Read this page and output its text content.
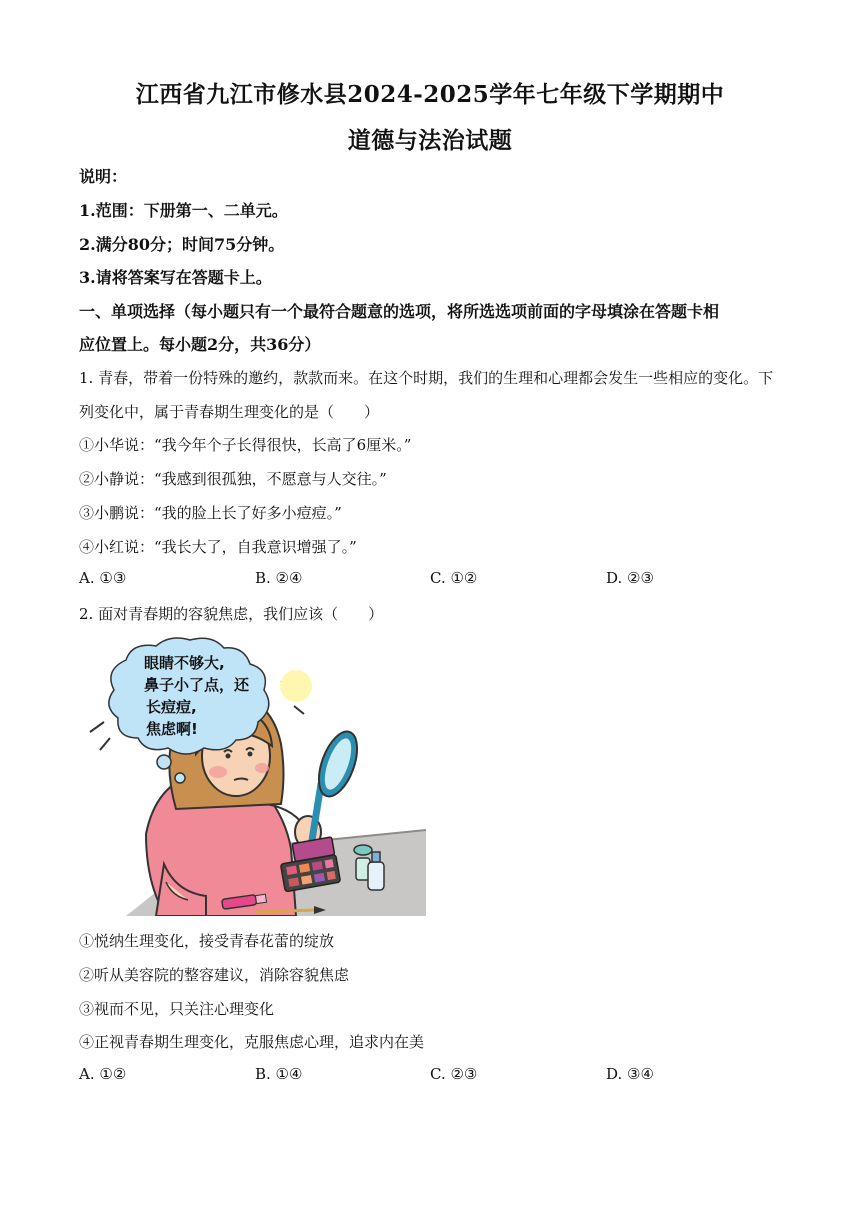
江西省九江市修水县2024-2025学年七年级下学期期中
道德与法治试题
说明：
1.范围：下册第一、二单元。
2.满分80分；时间75分钟。
3.请将答案写在答题卡上。
一、单项选择（每小题只有一个最符合题意的选项，将所选选项前面的字母填涂在答题卡相
应位置上。每小题2分，共36分）
1. 青春，带着一份特殊的邀约，款款而来。在这个时期，我们的生理和心理都会发生一些相应的变化。下
列变化中，属于青春期生理变化的是（　　）
①小华说：“我今年个子长得很快，长高了6厘米。”
②小静说：“我感到很孤独，不愿意与人交往。”
③小鹏说：“我的脸上长了好多小痘痘。”
④小红说：“我长大了，自我意识增强了。”
A. ①③	B. ②④	C. ①②	D. ②③
2. 面对青春期的容貌焦虑，我们应该（　　）
眼睛不够大,
鼻子小了点，还
长痘痘,
焦虑啊!
①悦纳生理变化，接受青春花蕾的绽放
②听从美容院的整容建议，消除容貌焦虑
③视而不见，只关注心理变化
④正视青春期生理变化，克服焦虑心理，追求内在美
A. ①②	B. ①④	C. ②③	D. ③④
